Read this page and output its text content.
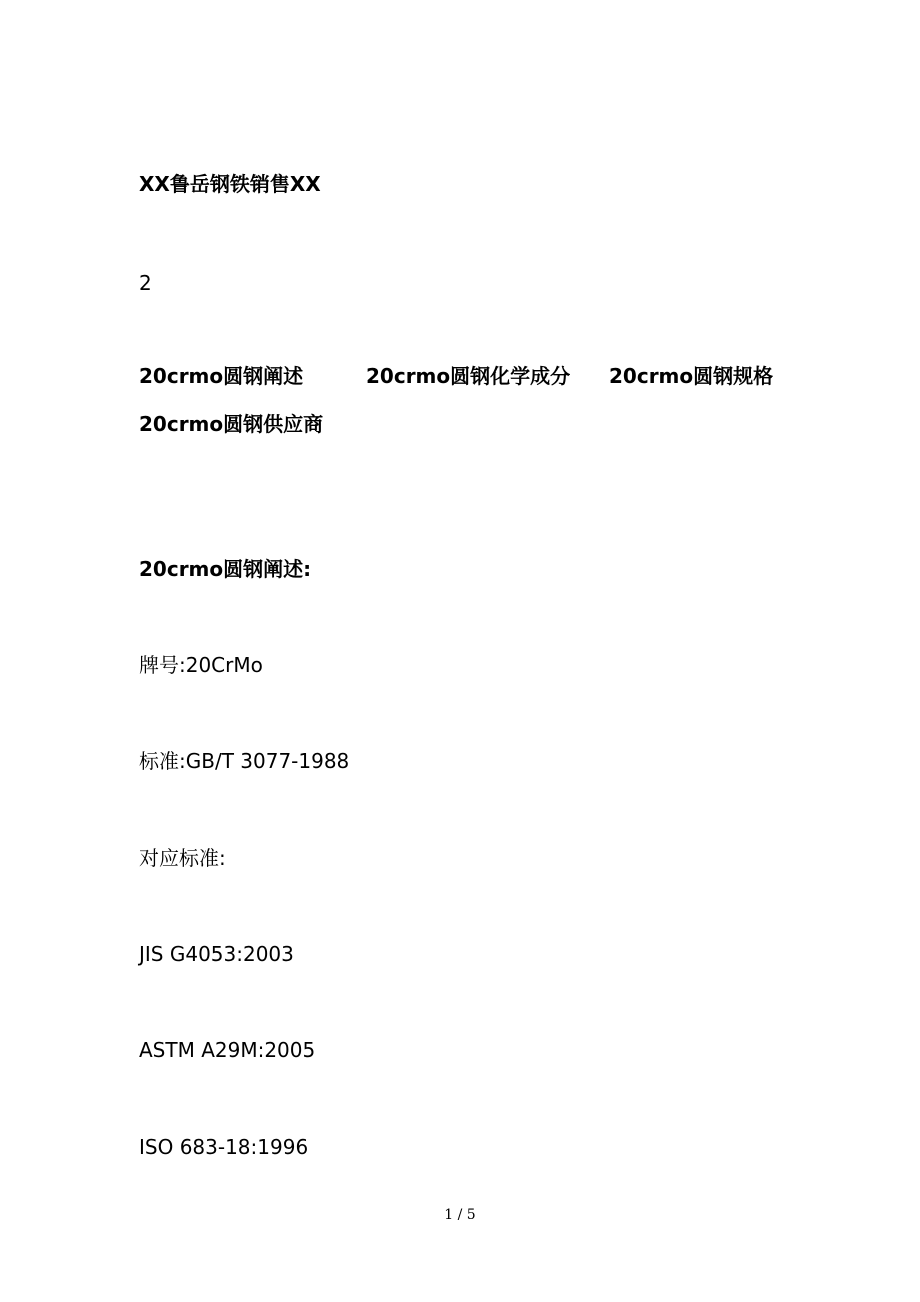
XX鲁岳钢铁销售XX
2
20crmo圆钢阐述	20crmo圆钢化学成分 20crmo圆钢规格
20crmo圆钢供应商
20crmo圆钢阐述:
牌号:20CrMo
标准:GB/T 3077-1988
对应标准:
JIS G4053:2003
ASTM A29M:2005
ISO 683-18:1996
1 / 5
